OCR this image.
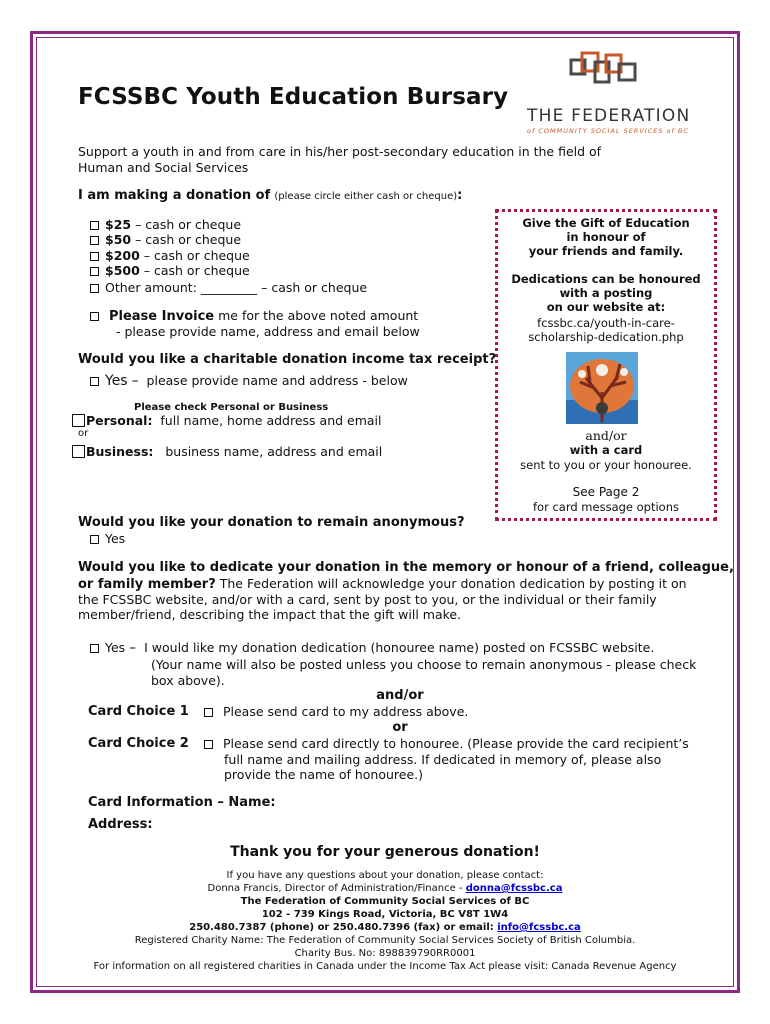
THE FEDERATION
of COMMUNITY SOCIAL SERVICES of BC
FCSSBC Youth Education Bursary
Support a youth in and from care in his/her post-secondary education in the field of
Human and Social Services
I am making a donation of (please circle either cash or cheque):
$25 – cash or cheque
$50 – cash or cheque
$200 – cash or cheque
$500 – cash or cheque
Other amount: _________ – cash or cheque
Please Invoice me for the above noted amount
- please provide name, address and email below
Would you like a charitable donation income tax receipt?
Yes – please provide name and address - below
Please check Personal or Business
Personal: full name, home address and email
or
Business: business name, address and email
Give the Gift of Education
in honour of
your friends and family.
Dedications can be honoured
with a posting
on our website at:
fcssbc.ca/youth-in-care-
scholarship-dedication.php
and/or
with a card
sent to you or your honouree.
See Page 2
for card message options
Would you like your donation to remain anonymous?
Yes
Would you like to dedicate your donation in the memory or honour of a friend, colleague,
or family member? The Federation will acknowledge your donation dedication by posting it on
the FCSSBC website, and/or with a card, sent by post to you, or the individual or their family
member/friend, describing the impact that the gift will make.
Yes – I would like my donation dedication (honouree name) posted on FCSSBC website.
(Your name will also be posted unless you choose to remain anonymous - please check
box above).
and/or
Card Choice 1	Please send card to my address above.
or
Card Choice 2	Please send card directly to honouree. (Please provide the card recipient’s
full name and mailing address. If dedicated in memory of, please also
provide the name of honouree.)
Card Information – Name:
Address:
Thank you for your generous donation!
If you have any questions about your donation, please contact:
Donna Francis, Director of Administration/Finance - donna@fcssbc.ca
The Federation of Community Social Services of BC
102 - 739 Kings Road, Victoria, BC V8T 1W4
250.480.7387 (phone) or 250.480.7396 (fax) or email: info@fcssbc.ca
Registered Charity Name: The Federation of Community Social Services Society of British Columbia.
Charity Bus. No: 898839790RR0001
For information on all registered charities in Canada under the Income Tax Act please visit: Canada Revenue Agency
